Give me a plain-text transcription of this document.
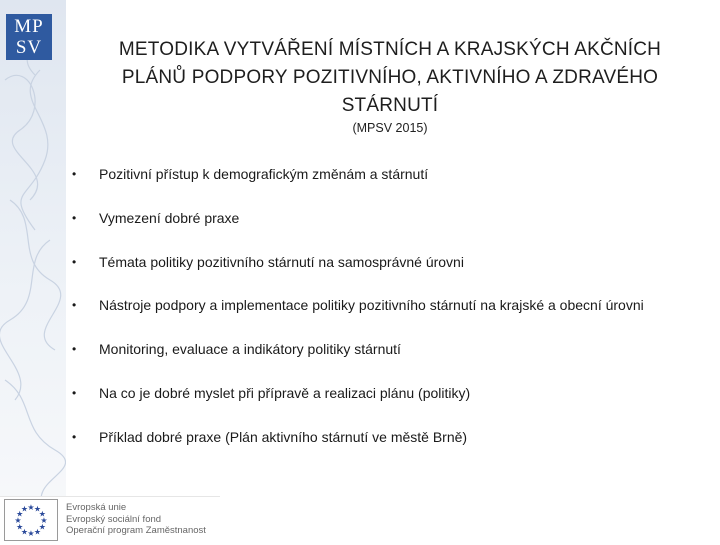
MP
SV	METODIKA VYTVÁŘENÍ MÍSTNÍCH A KRAJSKÝCH AKČNÍCH PLÁNŮ PODPORY POZITIVNÍHO, AKTIVNÍHO A ZDRAVÉHO STÁRNUTÍ
(MPSV 2015)
• Pozitivní přístup k demografickým změnám a stárnutí
• Vymezení dobré praxe
• Témata politiky pozitivního stárnutí na samosprávné úrovni
• Nástroje podpory a implementace politiky pozitivního stárnutí na krajské a obecní úrovni
• Monitoring, evaluace a indikátory politiky stárnutí
• Na co je dobré myslet při přípravě a realizaci plánu (politiky)
• Příklad dobré praxe (Plán aktivního stárnutí ve městě Brně)
★ ★
★
★
★
★
★
★
★
★
★
★	Evropská unie
Evropský sociální fond
Operační program Zaměstnanost
